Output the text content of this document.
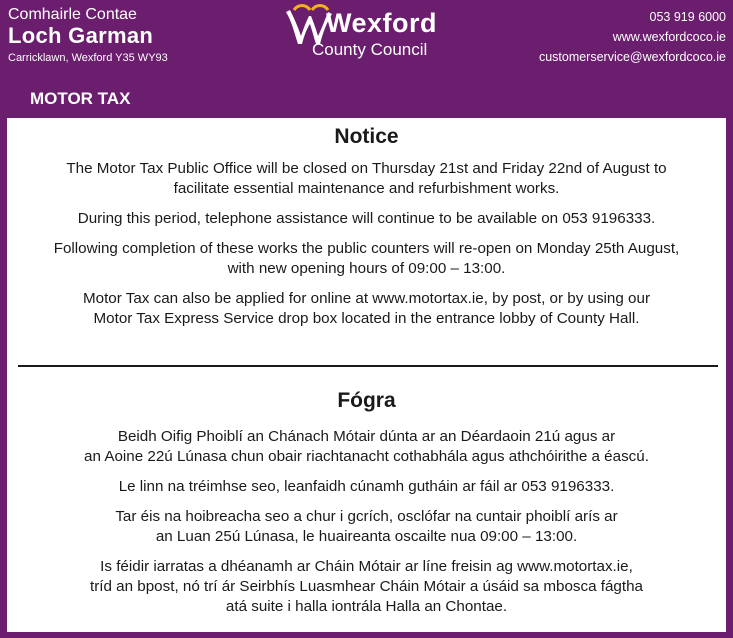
Comhairle Contae
Loch Garman
Carricklawn, Wexford Y35 WY93
Wexford
County Council
053 919 6000
www.wexfordcoco.ie
customerservice@wexfordcoco.ie
MOTOR TAX
Notice

The Motor Tax Public Office will be closed on Thursday 21st and Friday 22nd of August to
facilitate essential maintenance and refurbishment works.

During this period, telephone assistance will continue to be available on 053 9196333.

Following completion of these works the public counters will re-open on Monday 25th August,
with new opening hours of 09:00 – 13:00.

Motor Tax can also be applied for online at www.motortax.ie, by post, or by using our
Motor Tax Express Service drop box located in the entrance lobby of County Hall.

Fógra

Beidh Oifig Phoiblí an Chánach Mótair dúnta ar an Déardaoin 21ú agus ar
an Aoine 22ú Lúnasa chun obair riachtanacht cothabhála agus athchóirithe a éascú.

Le linn na tréimhse seo, leanfaidh cúnamh gutháin ar fáil ar 053 9196333.

Tar éis na hoibreacha seo a chur i gcrích, osclófar na cuntair phoiblí arís ar
an Luan 25ú Lúnasa, le huaireanta oscailte nua 09:00 – 13:00.

Is féidir iarratas a dhéanamh ar Cháin Mótair ar líne freisin ag www.motortax.ie,
tríd an bpost, nó trí ár Seirbhís Luasmhear Cháin Mótair a úsáid sa mbosca fágtha
atá suite i halla iontrála Halla an Chontae.
